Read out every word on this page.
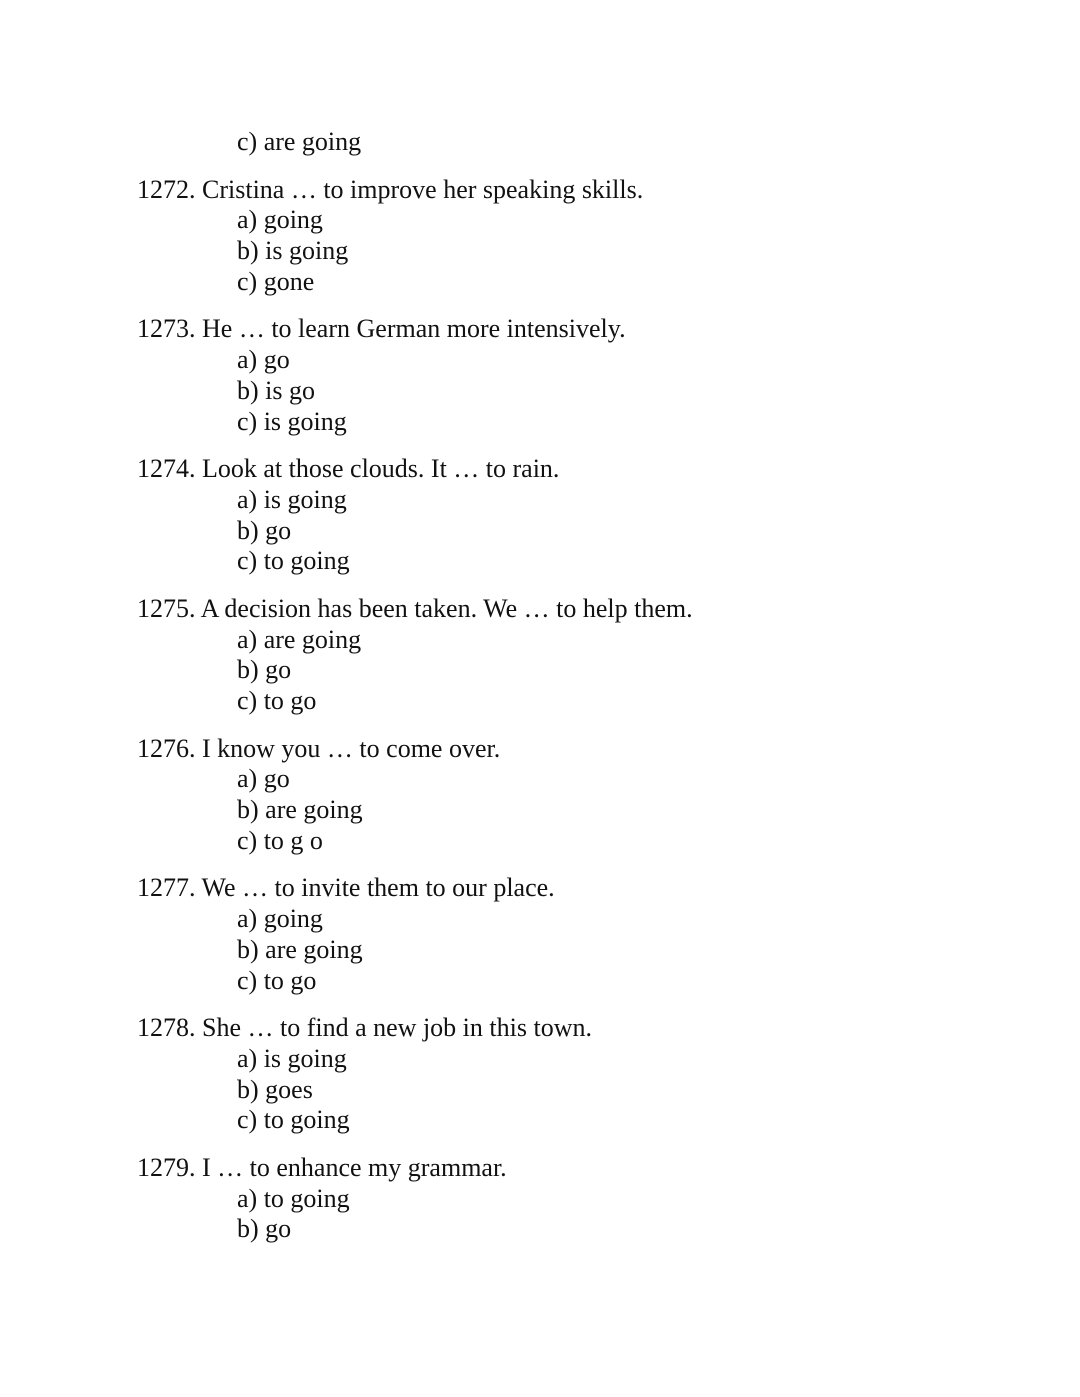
c) are going
1272. Cristina … to improve her speaking skills.
a) going
b) is going
c) gone
1273. He … to learn German more intensively.
a) go
b) is go
c) is going
1274. Look at those clouds. It … to rain.
a) is going
b) go
c) to going
1275. A decision has been taken. We … to help them.
a) are going
b) go
c) to go
1276. I know you … to come over.
a) go
b) are going
c) to g o
1277. We … to invite them to our place.
a) going
b) are going
c) to go
1278. She … to find a new job in this town.
a) is going
b) goes
c) to going
1279. I … to enhance my grammar.
a) to going
b) go
